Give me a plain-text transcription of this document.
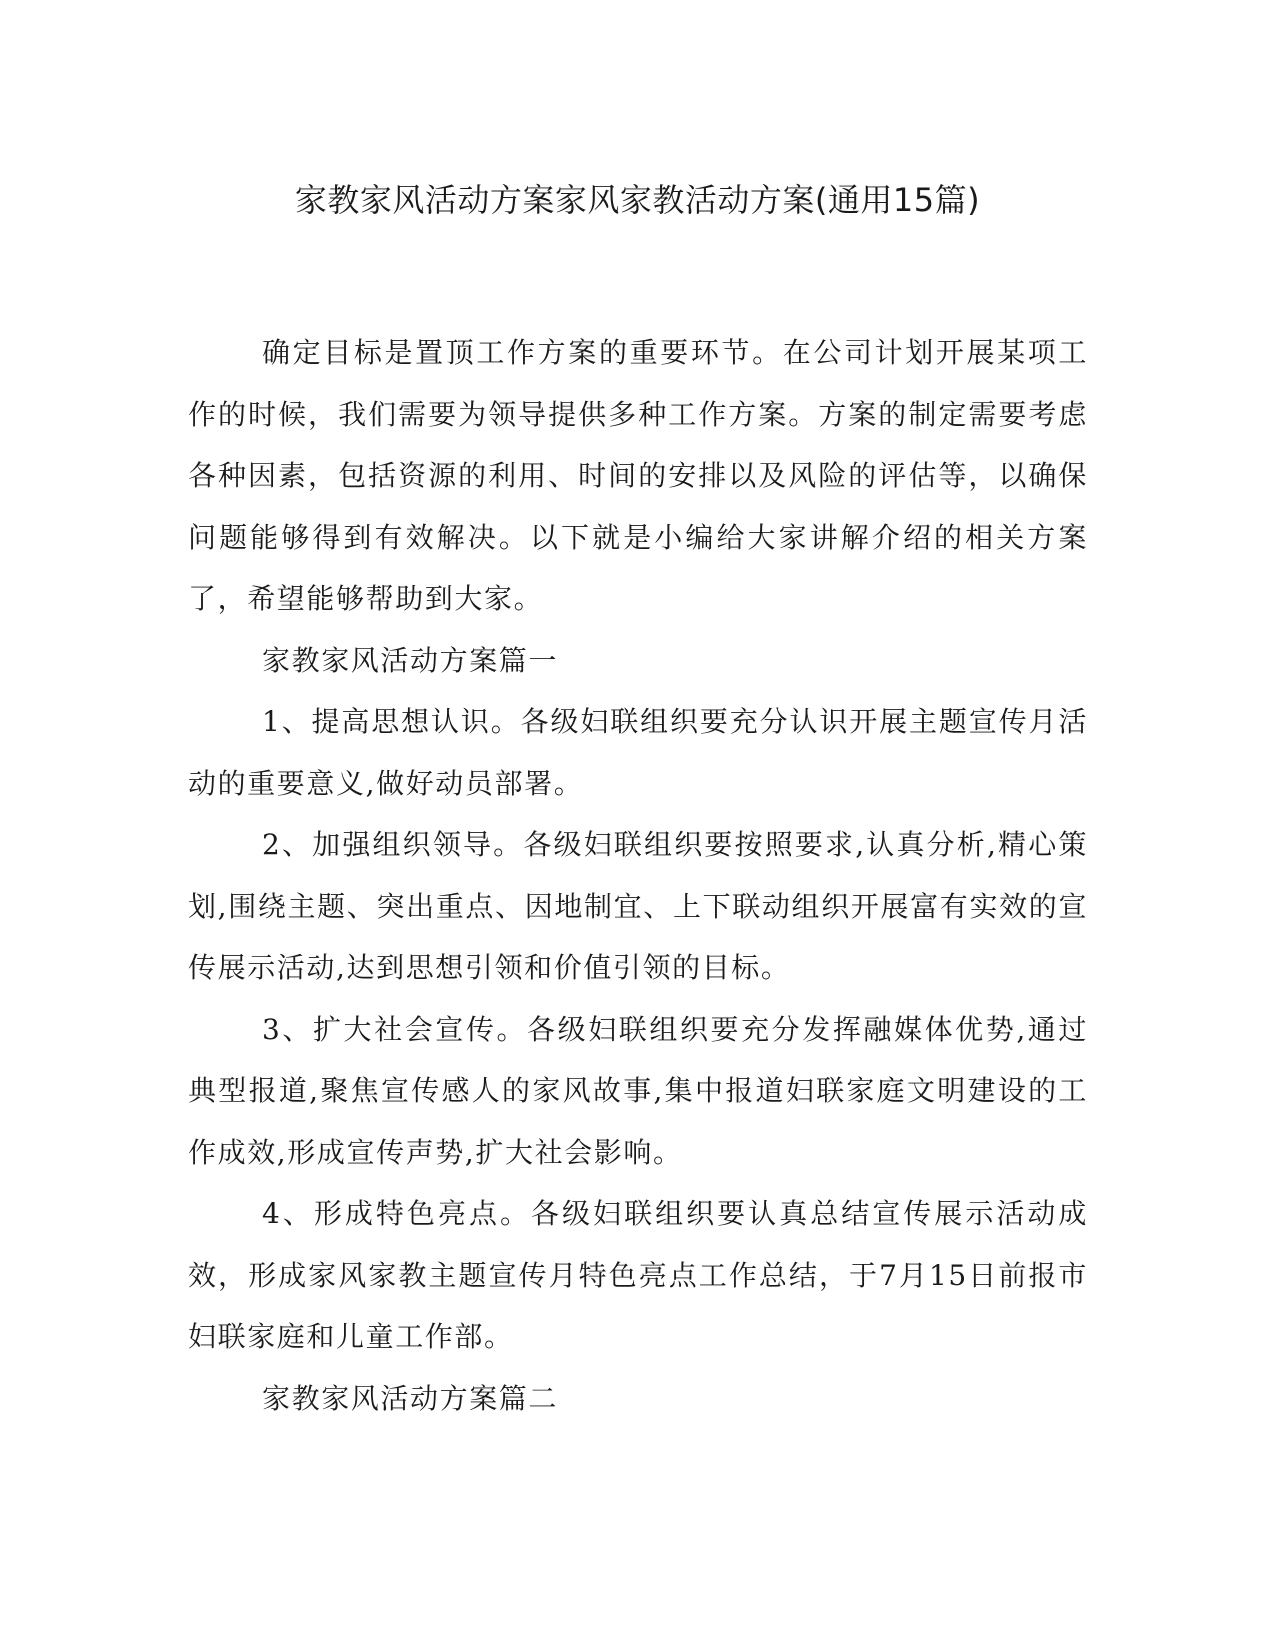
家教家风活动方案家风家教活动方案(通用15篇)

确定目标是置顶工作方案的重要环节。在公司计划开展某项工作的时候，我们需要为领导提供多种工作方案。方案的制定需要考虑各种因素，包括资源的利用、时间的安排以及风险的评估等，以确保问题能够得到有效解决。以下就是小编给大家讲解介绍的相关方案了，希望能够帮助到大家。

家教家风活动方案篇一

1、提高思想认识。各级妇联组织要充分认识开展主题宣传月活动的重要意义,做好动员部署。

2、加强组织领导。各级妇联组织要按照要求,认真分析,精心策划,围绕主题、突出重点、因地制宜、上下联动组织开展富有实效的宣传展示活动,达到思想引领和价值引领的目标。

3、扩大社会宣传。各级妇联组织要充分发挥融媒体优势,通过典型报道,聚焦宣传感人的家风故事,集中报道妇联家庭文明建设的工作成效,形成宣传声势,扩大社会影响。

4、形成特色亮点。各级妇联组织要认真总结宣传展示活动成效，形成家风家教主题宣传月特色亮点工作总结，于7月15日前报市妇联家庭和儿童工作部。

家教家风活动方案篇二
